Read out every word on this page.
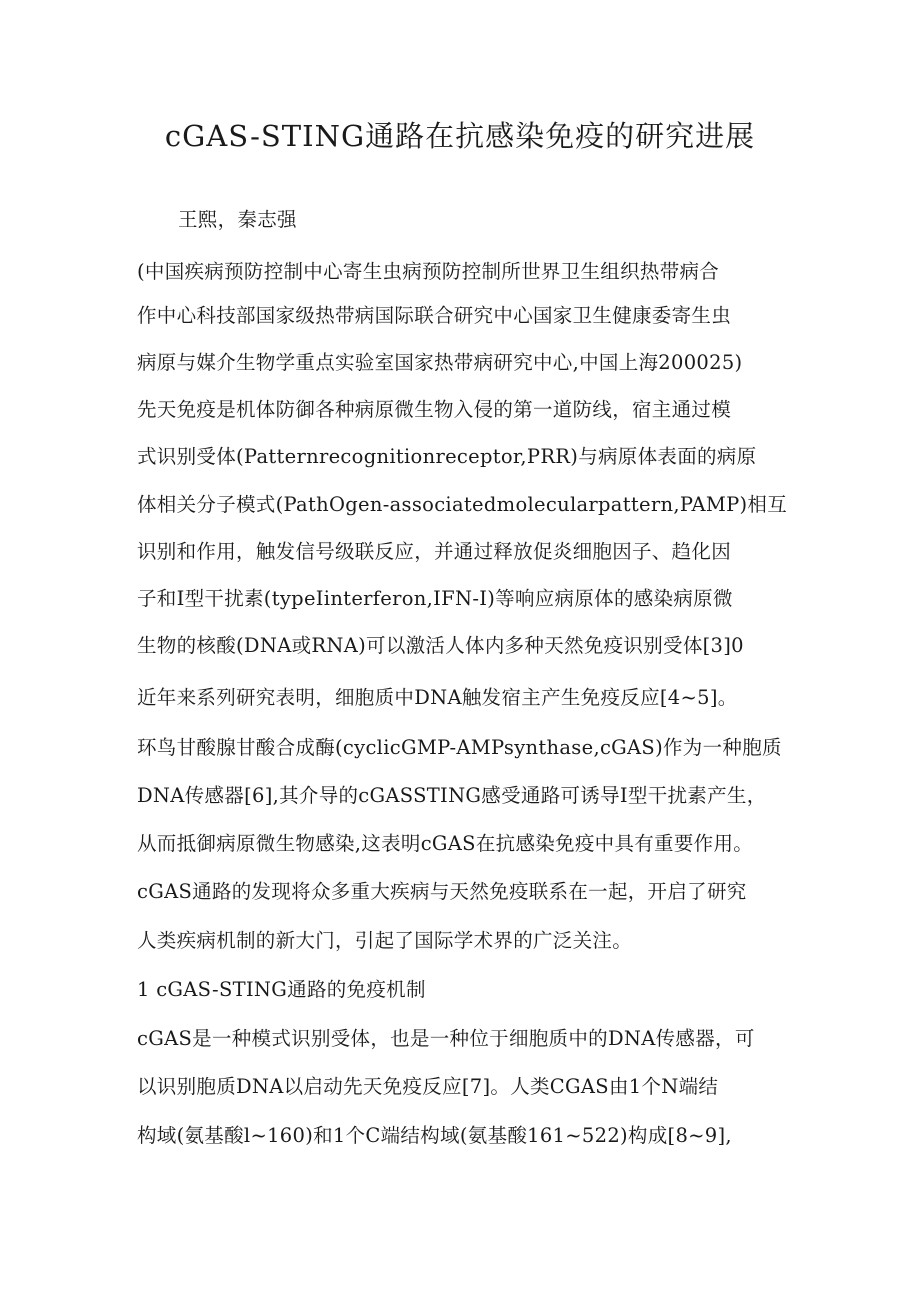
cGAS-STING通路在抗感染免疫的研究进展

王熙，秦志强

(中国疾病预防控制中心寄生虫病预防控制所世界卫生组织热带病合

作中心科技部国家级热带病国际联合研究中心国家卫生健康委寄生虫

病原与媒介生物学重点实验室国家热带病研究中心,中国上海200025)

先天免疫是机体防御各种病原微生物入侵的第一道防线，宿主通过模

式识别受体(Patternrecognitionreceptor,PRR)与病原体表面的病原

体相关分子模式(PathOgen-associatedmolecularpattern,PAMP)相互

识别和作用，触发信号级联反应，并通过释放促炎细胞因子、趋化因

子和I型干扰素(typeIinterferon,IFN-I)等响应病原体的感染病原微

生物的核酸(DNA或RNA)可以激活人体内多种天然免疫识别受体[3]0

近年来系列研究表明，细胞质中DNA触发宿主产生免疫反应[4~5]。

环鸟甘酸腺甘酸合成酶(cyclicGMP-AMPsynthase,cGAS)作为一种胞质

DNA传感器[6],其介导的cGASSTING感受通路可诱导I型干扰素产生，

从而抵御病原微生物感染,这表明cGAS在抗感染免疫中具有重要作用。

cGAS通路的发现将众多重大疾病与天然免疫联系在一起，开启了研究

人类疾病机制的新大门，引起了国际学术界的广泛关注。

1 cGAS-STING通路的免疫机制

cGAS是一种模式识别受体，也是一种位于细胞质中的DNA传感器，可

以识别胞质DNA以启动先天免疫反应[7]。人类CGAS由1个N端结

构域(氨基酸l~160)和1个C端结构域(氨基酸161~522)构成[8~9],
